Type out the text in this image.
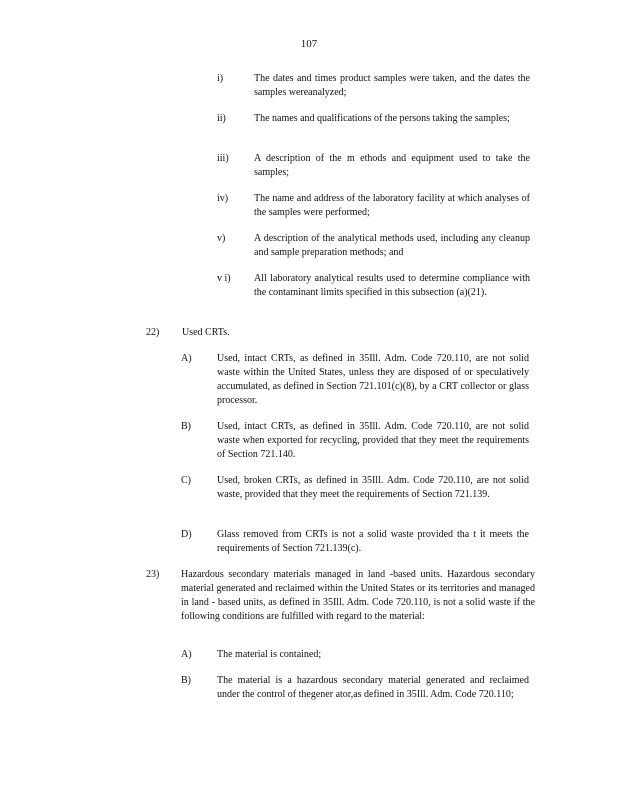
107
i)	The dates and times product samples were taken, and the dates the samples wereanalyzed;
ii)	The names and qualifications of the persons taking the samples;
iii)	A description of the m ethods and equipment used to take the samples;
iv)	The name and address of the laboratory facility at which analyses of the samples were performed;
v)	A description of the analytical methods used, including any cleanup and sample preparation methods; and
v i) All laboratory analytical results used to determine compliance with the contaminant limits specified in this subsection (a)(21).
22) Used CRTs.
A)	Used, intact CRTs, as defined in 35Ill. Adm. Code 720.110, are not solid waste within the United States, unless they are disposed of or speculatively accumulated, as defined in Section 721.101(c)(8), by a CRT collector or glass processor.
B)	Used, intact CRTs, as defined in 35Ill. Adm. Code 720.110, are not solid waste when exported for recycling, provided that they meet the requirements of Section 721.140.
C)	Used, broken CRTs, as defined in 35Ill. Adm. Code 720.110, are not solid waste, provided that they meet the requirements of Section 721.139.
D)	Glass removed from CRTs is not a solid waste provided tha t it meets the requirements of Section 721.139(c).
23) Hazardous secondary materials managed in land -based units. Hazardous secondary material generated and reclaimed within the United States or its territories and managed in land - based units, as defined in 35Ill. Adm. Code 720.110, is not a solid waste if the following conditions are fulfilled with regard to the material:
A)	The material is contained;
B)	The material is a hazardous secondary material generated and reclaimed under the control of thegener ator,as defined in 35Ill. Adm. Code 720.110;
